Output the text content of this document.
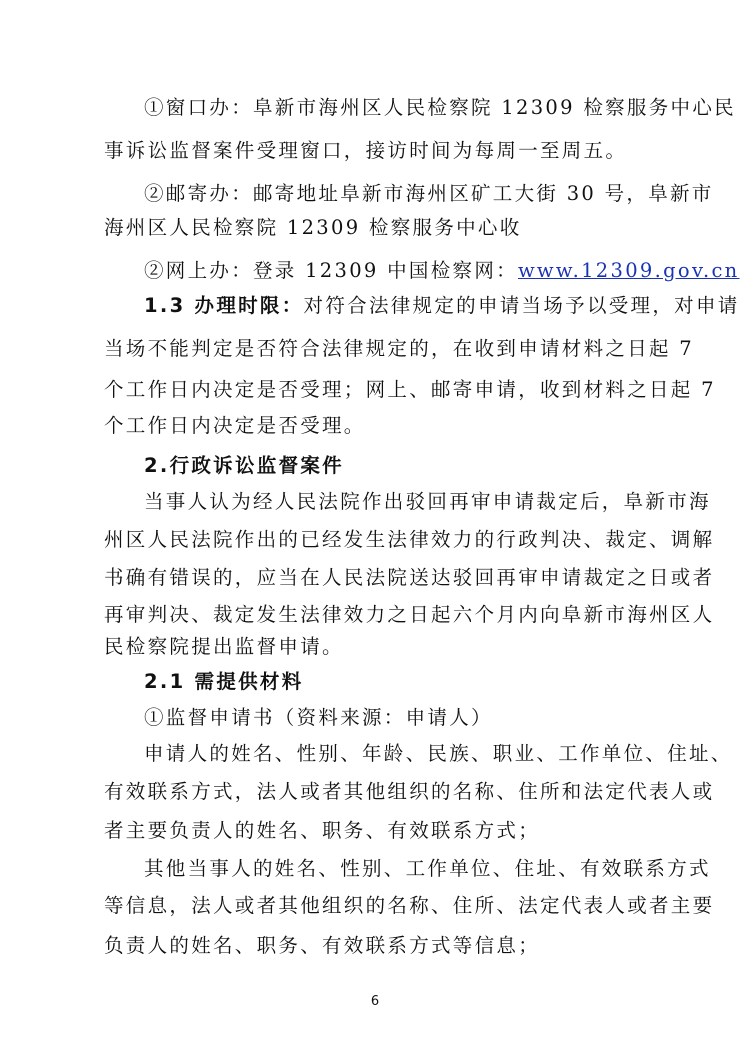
①窗口办：阜新市海州区人民检察院 12309 检察服务中心民
事诉讼监督案件受理窗口，接访时间为每周一至周五。
②邮寄办：邮寄地址阜新市海州区矿工大街 30 号，阜新市
海州区人民检察院 12309 检察服务中心收
②网上办：登录 12309 中国检察网：www.12309.gov.cn
1.3 办理时限：对符合法律规定的申请当场予以受理，对申请
当场不能判定是否符合法律规定的，在收到申请材料之日起 7
个工作日内决定是否受理；网上、邮寄申请，收到材料之日起 7
个工作日内决定是否受理。
2.行政诉讼监督案件
当事人认为经人民法院作出驳回再审申请裁定后，阜新市海
州区人民法院作出的已经发生法律效力的行政判决、裁定、调解
书确有错误的，应当在人民法院送达驳回再审申请裁定之日或者
再审判决、裁定发生法律效力之日起六个月内向阜新市海州区人
民检察院提出监督申请。
2.1 需提供材料
①监督申请书（资料来源：申请人）
申请人的姓名、性别、年龄、民族、职业、工作单位、住址、
有效联系方式，法人或者其他组织的名称、住所和法定代表人或
者主要负责人的姓名、职务、有效联系方式；
其他当事人的姓名、性别、工作单位、住址、有效联系方式
等信息，法人或者其他组织的名称、住所、法定代表人或者主要
负责人的姓名、职务、有效联系方式等信息；
6
